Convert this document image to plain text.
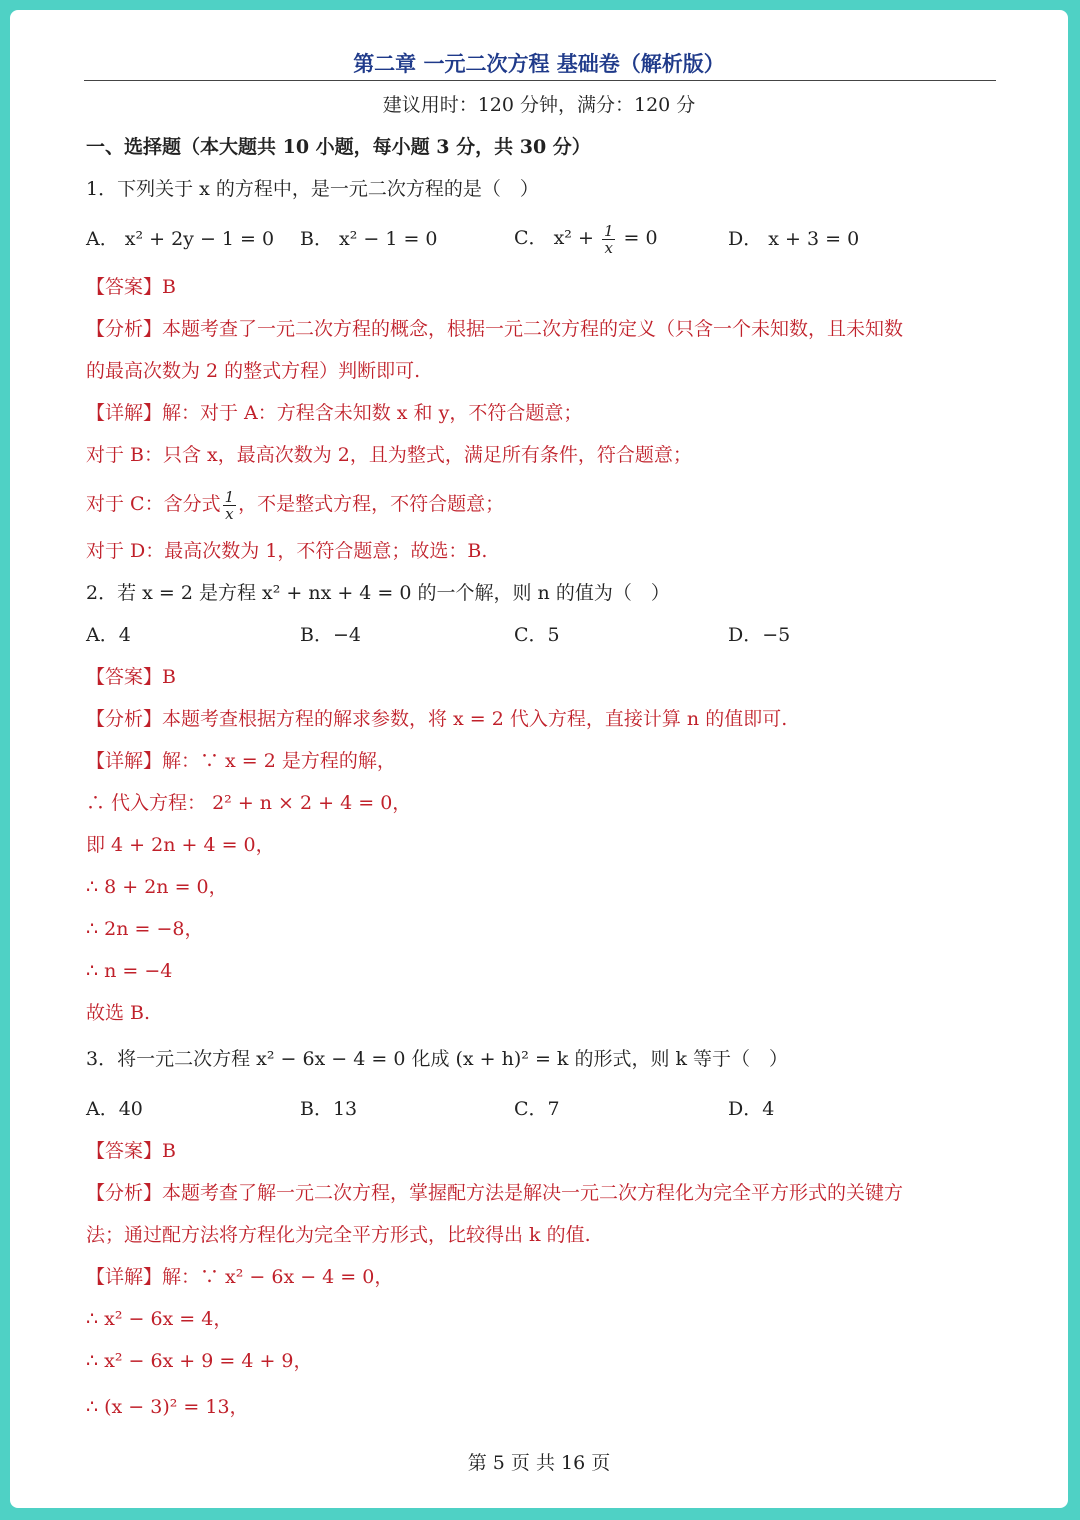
第二章 一元二次方程 基础卷（解析版）
建议用时：120 分钟，满分：120 分
一、选择题（本大题共 10 小题，每小题 3 分，共 30 分）
1．下列关于 x 的方程中，是一元二次方程的是（　）
A． x² + 2y − 1 = 0 B． x² − 1 = 0	C． $x^2 + \frac{1}{x} = 0$	D． x + 3 = 0
【答案】B
【分析】本题考查了一元二次方程的概念，根据一元二次方程的定义（只含一个未知数，且未知数
的最高次数为 2 的整式方程）判断即可.
【详解】解：对于 A：方程含未知数 x 和 y，不符合题意；
对于 B：只含 x，最高次数为 2，且为整式，满足所有条件，符合题意；
对于 C：含分式 $\frac{1}{x}$ ，不是整式方程，不符合题意；
对于 D：最高次数为 1，不符合题意；故选：B.
2．若 x = 2 是方程 x² + nx + 4 = 0 的一个解，则 n 的值为（　）
A．4	B．−4	C．5	D．−5
【答案】B
【分析】本题考查根据方程的解求参数，将 x = 2 代入方程，直接计算 n 的值即可.
【详解】解：∵ x = 2 是方程的解，
∴ 代入方程： 2² + n × 2 + 4 = 0，
即 4 + 2n + 4 = 0，
∴ 8 + 2n = 0，
∴ 2n = −8，
∴ n = −4
故选 B.
3．将一元二次方程 x² − 6x − 4 = 0 化成 (x + h)² = k 的形式，则 k 等于（　）
A．40	B．13	C．7	D．4
【答案】B
【分析】本题考查了解一元二次方程，掌握配方法是解决一元二次方程化为完全平方形式的关键方
法；通过配方法将方程化为完全平方形式，比较得出 k 的值.
【详解】解：∵ x² − 6x − 4 = 0，
∴ x² − 6x = 4，
∴ x² − 6x + 9 = 4 + 9，
∴ (x − 3)² = 13，
第 5 页 共 16 页
